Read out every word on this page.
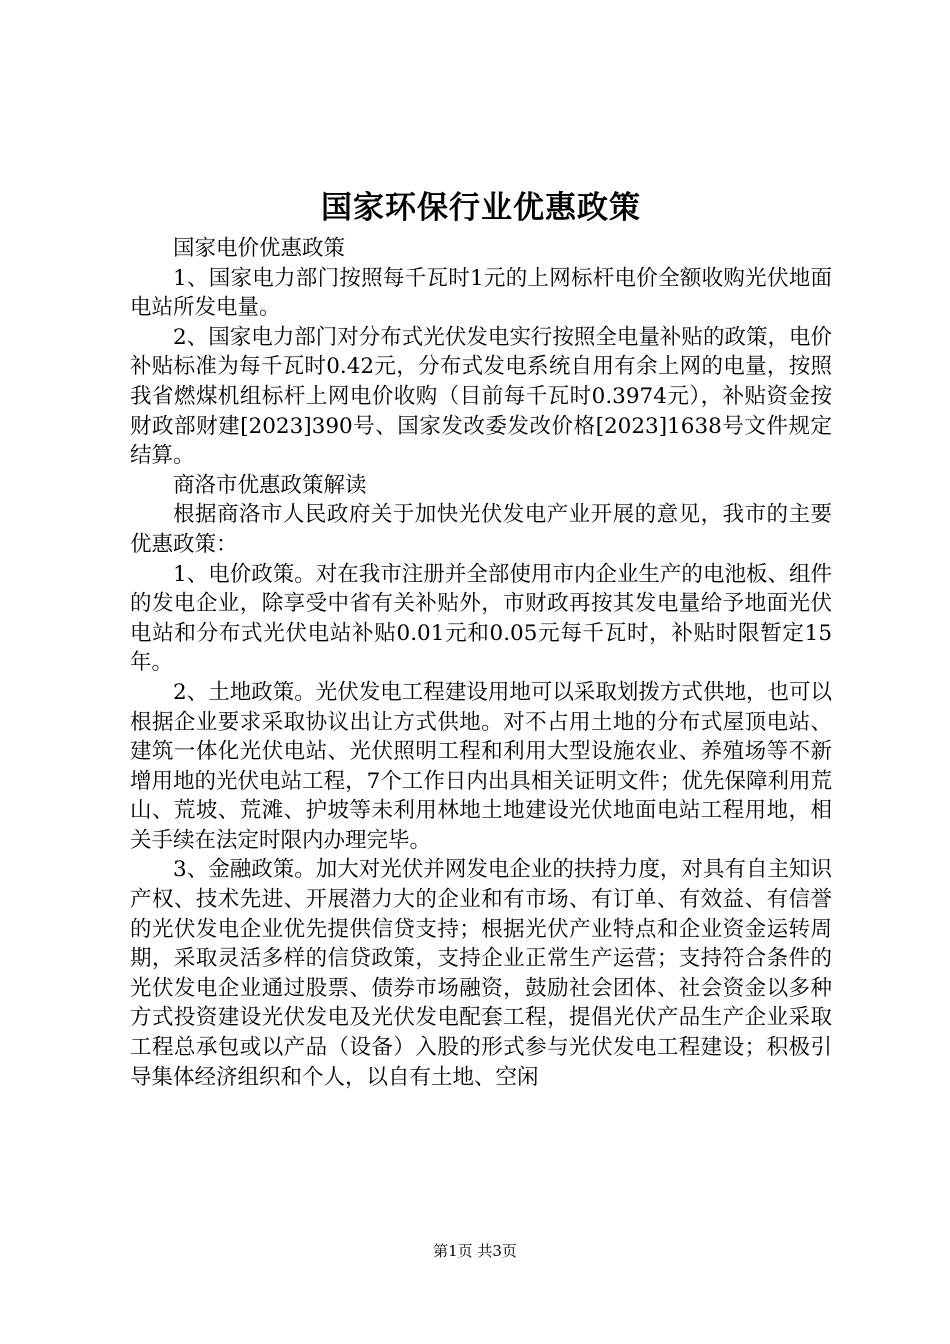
国家环保行业优惠政策

国家电价优惠政策

1、国家电力部门按照每千瓦时1元的上网标杆电价全额收购光伏地面电站所发电量。

2、国家电力部门对分布式光伏发电实行按照全电量补贴的政策，电价补贴标准为每千瓦时0.42元，分布式发电系统自用有余上网的电量，按照我省燃煤机组标杆上网电价收购（目前每千瓦时0.3974元），补贴资金按财政部财建[2023]390号、国家发改委发改价格[2023]1638号文件规定结算。

商洛市优惠政策解读

根据商洛市人民政府关于加快光伏发电产业开展的意见，我市的主要优惠政策：

1、电价政策。对在我市注册并全部使用市内企业生产的电池板、组件的发电企业，除享受中省有关补贴外，市财政再按其发电量给予地面光伏电站和分布式光伏电站补贴0.01元和0.05元每千瓦时，补贴时限暂定15年。

2、土地政策。光伏发电工程建设用地可以采取划拨方式供地，也可以根据企业要求采取协议出让方式供地。对不占用土地的分布式屋顶电站、建筑一体化光伏电站、光伏照明工程和利用大型设施农业、养殖场等不新增用地的光伏电站工程，7个工作日内出具相关证明文件；优先保障利用荒山、荒坡、荒滩、护坡等未利用林地土地建设光伏地面电站工程用地，相关手续在法定时限内办理完毕。

3、金融政策。加大对光伏并网发电企业的扶持力度，对具有自主知识产权、技术先进、开展潜力大的企业和有市场、有订单、有效益、有信誉的光伏发电企业优先提供信贷支持；根据光伏产业特点和企业资金运转周期，采取灵活多样的信贷政策，支持企业正常生产运营；支持符合条件的光伏发电企业通过股票、债券市场融资，鼓励社会团体、社会资金以多种方式投资建设光伏发电及光伏发电配套工程，提倡光伏产品生产企业采取工程总承包或以产品（设备）入股的形式参与光伏发电工程建设；积极引导集体经济组织和个人，以自有土地、空闲

第1页 共3页
